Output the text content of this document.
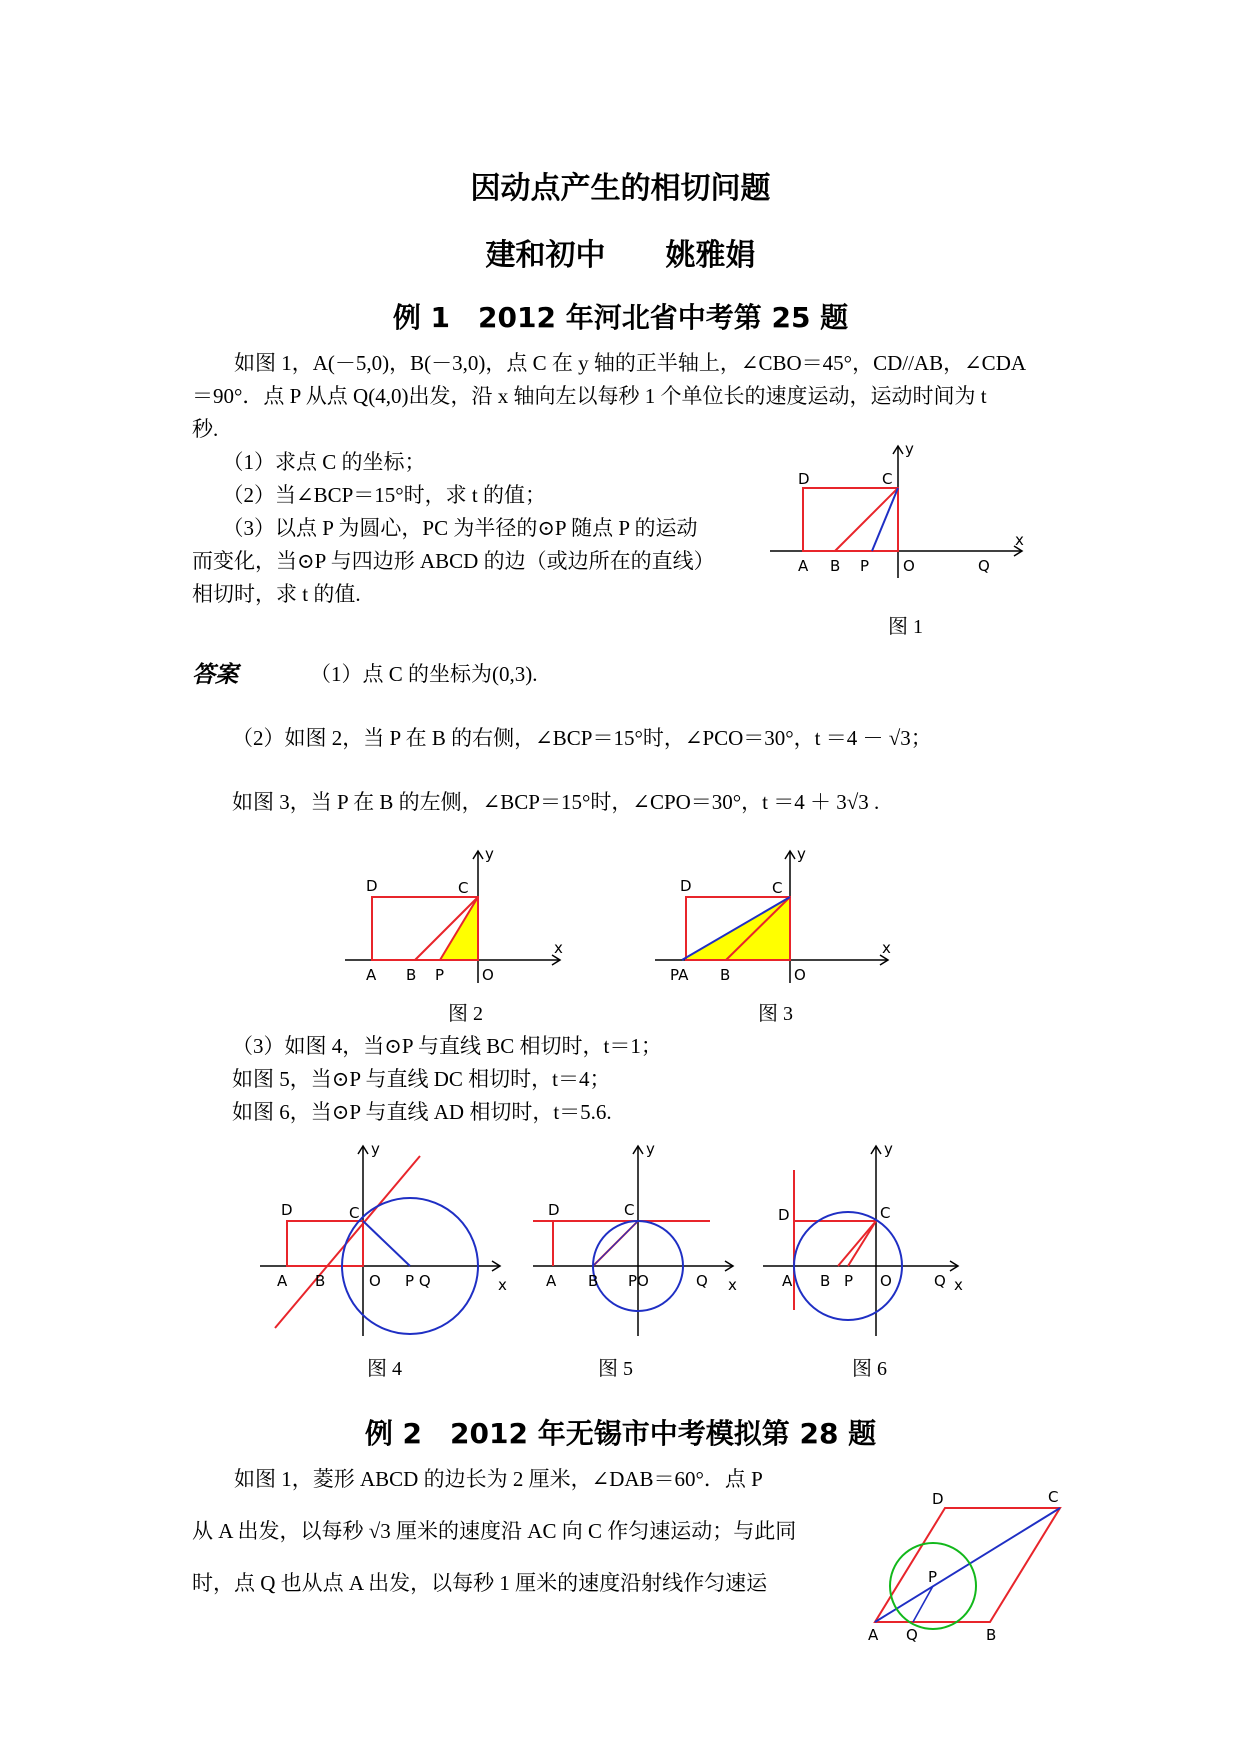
因动点产生的相切问题
建和初中　　姚雅娟
例 1　2012 年河北省中考第 25 题
　　如图 1，A(－5,0)，B(－3,0)，点 C 在 y 轴的正半轴上，∠CBO＝45°，CD//AB，∠CDA
＝90°．点 P 从点 Q(4,0)出发，沿 x 轴向左以每秒 1 个单位长的速度运动，运动时间为 t
秒.
　（1）求点 C 的坐标；
　（2）当∠BCP＝15°时，求 t 的值；
　（3）以点 P 为圆心，PC 为半径的⊙P 随点 P 的运动
而变化，当⊙P 与四边形 ABCD 的边（或边所在的直线）
相切时，求 t 的值.
D	C
y
A B P O	Q
x
图 1
答案	（1）点 C 的坐标为(0,3).
（2）如图 2，当 P 在 B 的右侧，∠BCP＝15°时，∠PCO＝30°，t ＝4 － √3；
如图 3，当 P 在 B 的左侧，∠BCP＝15°时，∠CPO＝30°，t ＝4 ＋ 3√3 .
D	C
y
A B P	O
x
图 2
D	C
y
PA B	O
x
图 3
（3）如图 4，当⊙P 与直线 BC 相切时，t＝1；
如图 5，当⊙P 与直线 DC 相切时，t＝4；
如图 6，当⊙P 与直线 AD 相切时，t＝5.6.
D	C
y
A B	O P Q	x
图 4
D	C
y
A B PO	Q x
图 5
D	C
y
A B P O	Q x
图 6
例 2　2012 年无锡市中考模拟第 28 题
　　如图 1，菱形 ABCD 的边长为 2 厘米，∠DAB＝60°．点 P
从 A 出发，以每秒 √3 厘米的速度沿 AC 向 C 作匀速运动；与此同
时，点 Q 也从点 A 出发，以每秒 1 厘米的速度沿射线作匀速运
A Q	B
D	C
P
